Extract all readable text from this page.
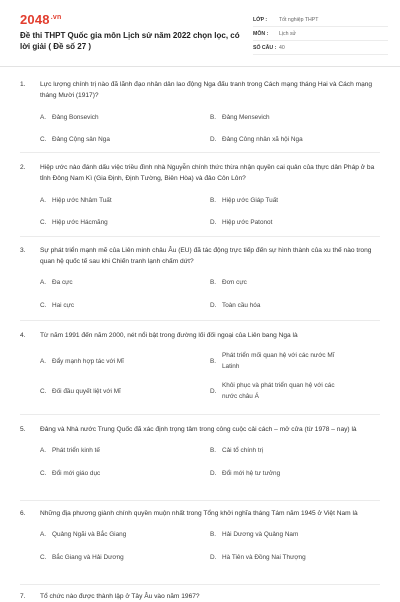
$2048^{.vn}$
Đề thi THPT Quốc gia môn Lịch sử năm 2022 chọn lọc, có lời giải ( Đề số 27 )
LỚP :	Tốt nghiệp THPT
MÔN :	Lịch sử
SỐ CÂU : 40
1.	Lực lượng chính trị nào đã lãnh đạo nhân dân lao động Nga đấu tranh trong Cách mạng tháng Hai và Cách mạng tháng Mười (1917)?
A. Đảng Bonsevich	B. Đảng Mensevich
C. Đảng Cộng sản Nga	D. Đảng Công nhân xã hội Nga
2.	Hiệp ước nào đánh dấu việc triều đình nhà Nguyễn chính thức thừa nhận quyền cai quản của thực dân Pháp ở ba tỉnh Đông Nam Kì (Gia Định, Định Tường, Biên Hòa) và đảo Côn Lôn?
A. Hiệp ước Nhâm Tuất	B. Hiệp ước Giáp Tuất
C. Hiệp ước Hácmăng	D. Hiệp ước Patonot
3.	Sự phát triển mạnh mẽ của Liên minh châu Âu (EU) đã tác động trực tiếp đến sự hình thành của xu thế nào trong quan hệ quốc tế sau khi Chiến tranh lạnh chấm dứt?
A. Đa cực	B. Đơn cực
C. Hai cực	D. Toàn cầu hóa
4.	Từ năm 1991 đến năm 2000, nét nổi bật trong đường lối đối ngoại của Liên bang Nga là
A. Đẩy mạnh hợp tác với Mĩ	B.
Phát triển mối quan hệ với các nước Mĩ Latinh
C. Đối đầu quyết liệt với Mĩ	D.
Khôi phục và phát triển quan hệ với các nước châu Á
5.	Đảng và Nhà nước Trung Quốc đã xác định trọng tâm trong công cuộc cải cách – mở cửa (từ 1978 – nay) là
A. Phát triển kinh tế	B. Cải tổ chính trị
C. Đổi mới giáo dục	D. Đổi mới hệ tư tưởng
6.	Những địa phương giành chính quyền muộn nhất trong Tổng khởi nghĩa tháng Tám năm 1945 ở Việt Nam là
A. Quảng Ngãi và Bắc Giang	B. Hải Dương và Quảng Nam
C. Bắc Giang và Hải Dương	D. Hà Tiên và Đồng Nai Thượng
7.	Tổ chức nào được thành lập ở Tây Âu vào năm 1967?
